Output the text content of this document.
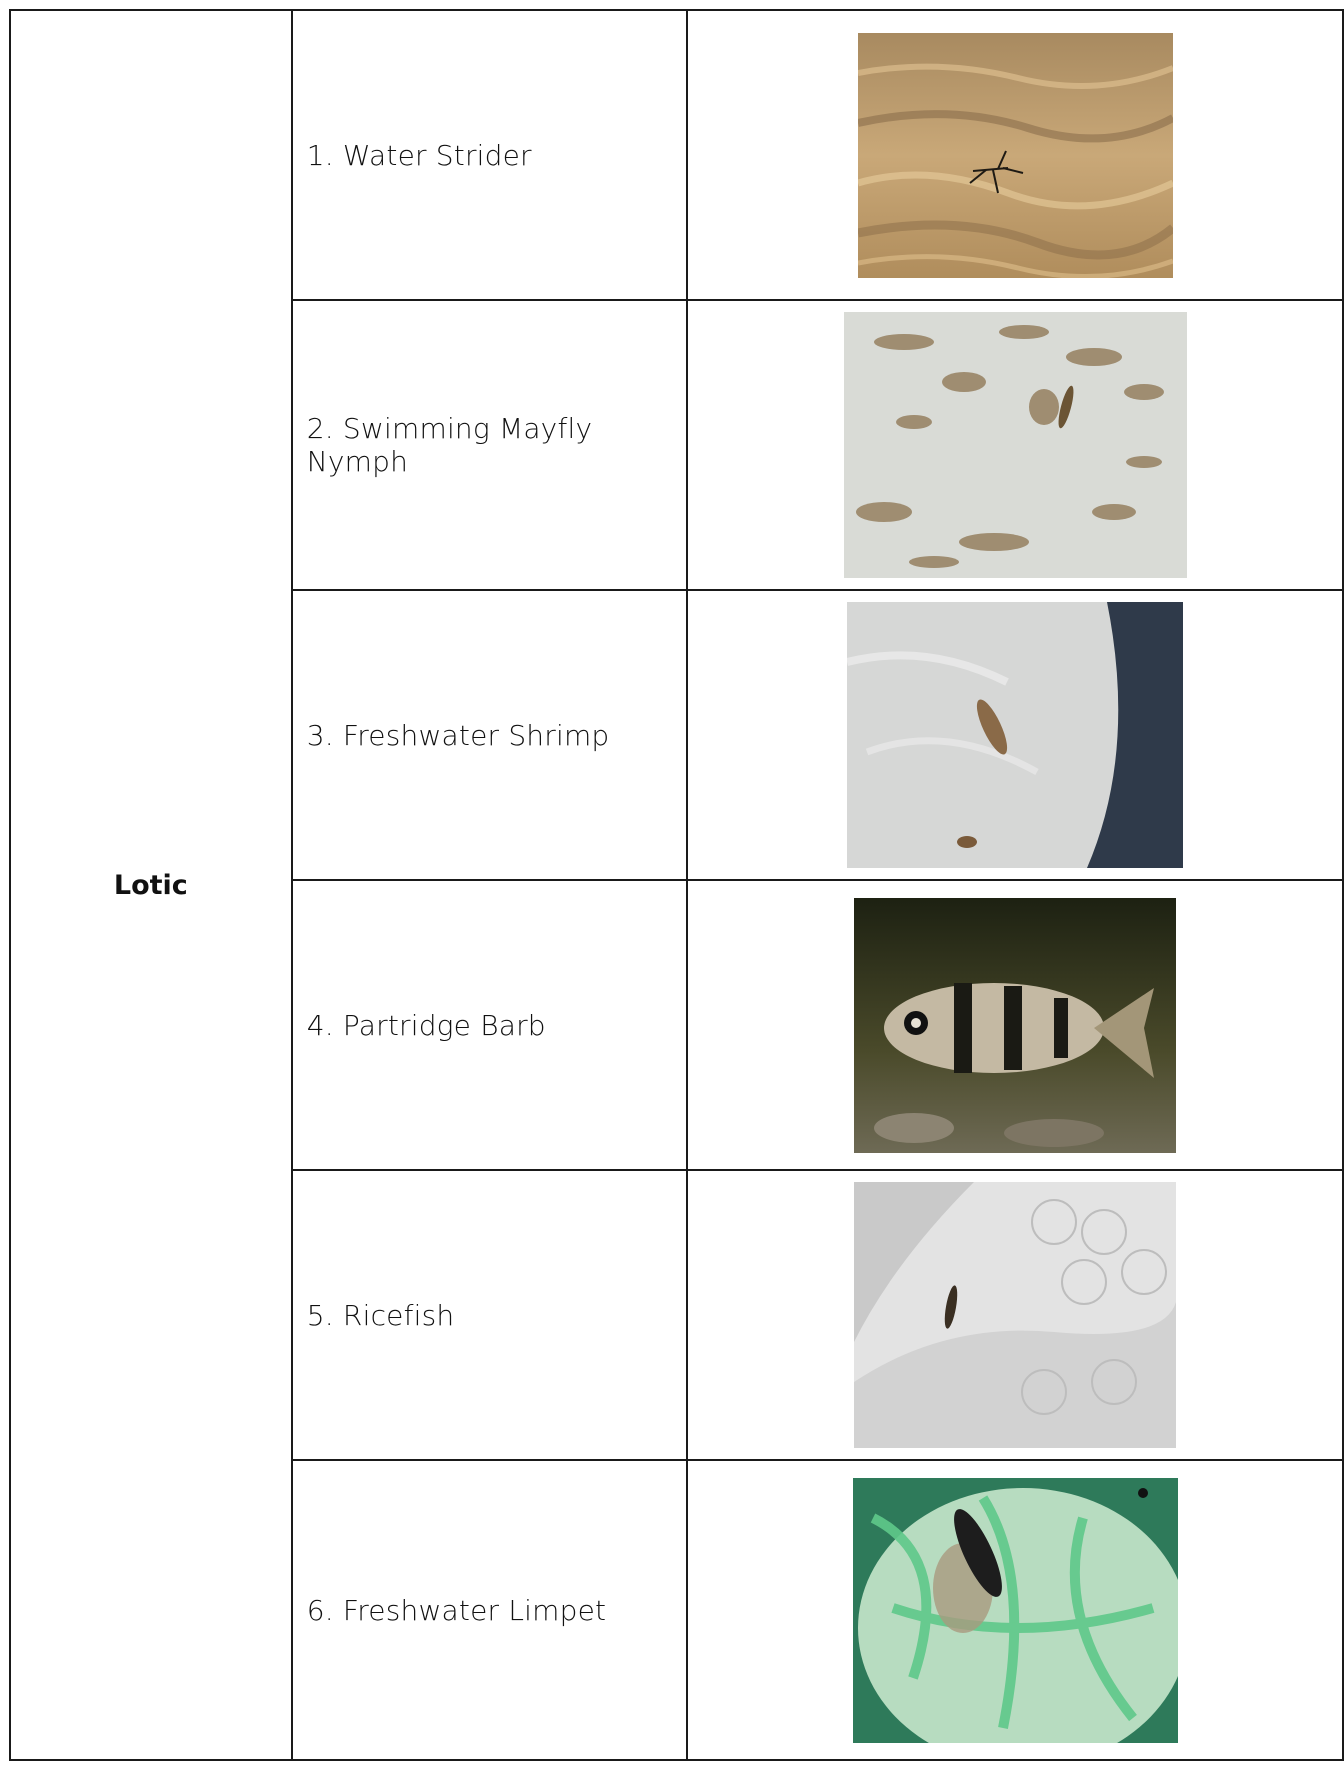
Lotic	1. Water Strider	

	2. Swimming Mayfly Nymph	

	3. Freshwater Shrimp	

	4. Partridge Barb	

	5. Ricefish	

	6. Freshwater Limpet	
